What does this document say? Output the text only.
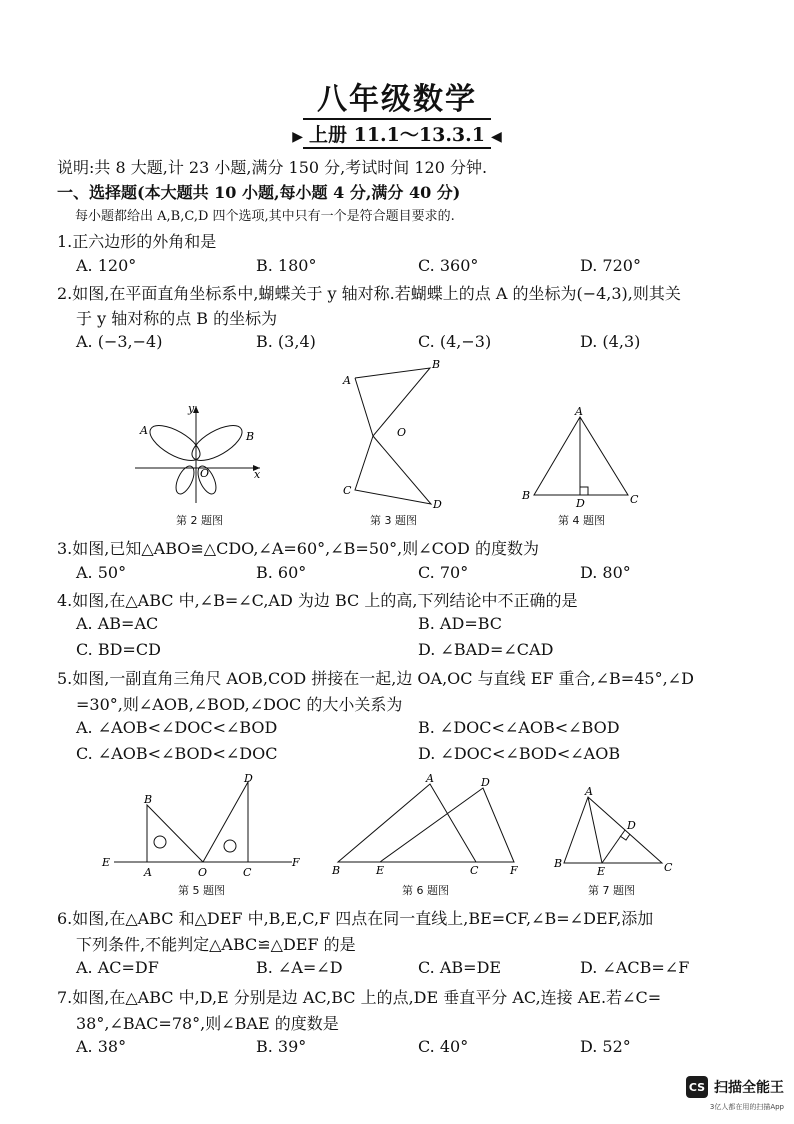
八年级数学
▶ 上册 11.1～13.3.1 ◀
说明:共 8 大题,计 23 小题,满分 150 分,考试时间 120 分钟.
一、选择题(本大题共 10 小题,每小题 4 分,满分 40 分)
每小题都给出 A,B,C,D 四个选项,其中只有一个是符合题目要求的.
1.正六边形的外角和是
A. 120°	B. 180°	C. 360°	D. 720°
2.如图,在平面直角坐标系中,蝴蝶关于 y 轴对称.若蝴蝶上的点 A 的坐标为(−4,3),则其关
于 y 轴对称的点 B 的坐标为
A. (−3,−4)	B. (3,4)	C. (4,−3)	D. (4,3)
y
x
O
A	B
第 2 题图
A
B
O
C
D
第 3 题图
A
B	C
D
第 4 题图
3.如图,已知△ABO≌△CDO,∠A=60°,∠B=50°,则∠COD 的度数为
A. 50°	B. 60°	C. 70°	D. 80°
4.如图,在△ABC 中,∠B=∠C,AD 为边 BC 上的高,下列结论中不正确的是
A. AB=AC	B. AD=BC
C. BD=CD	D. ∠BAD=∠CAD
5.如图,一副直角三角尺 AOB,COD 拼接在一起,边 OA,OC 与直线 EF 重合,∠B=45°,∠D
=30°,则∠AOB,∠BOD,∠DOC 的大小关系为
A. ∠AOB<∠DOC<∠BOD	B. ∠DOC<∠AOB<∠BOD
C. ∠AOB<∠BOD<∠DOC	D. ∠DOC<∠BOD<∠AOB
E
B
A	O
D
C
F
第 5 题图
A	D
B	E	C	F
第 6 题图
A
B	C
D
E
第 7 题图
6.如图,在△ABC 和△DEF 中,B,E,C,F 四点在同一直线上,BE=CF,∠B=∠DEF,添加
下列条件,不能判定△ABC≌△DEF 的是
A. AC=DF	B. ∠A=∠D	C. AB=DE	D. ∠ACB=∠F
7.如图,在△ABC 中,D,E 分别是边 AC,BC 上的点,DE 垂直平分 AC,连接 AE.若∠C=
38°,∠BAC=78°,则∠BAE 的度数是
A. 38°	B. 39°	C. 40°	D. 52°
CS 扫描全能王
3亿人都在用的扫描App
